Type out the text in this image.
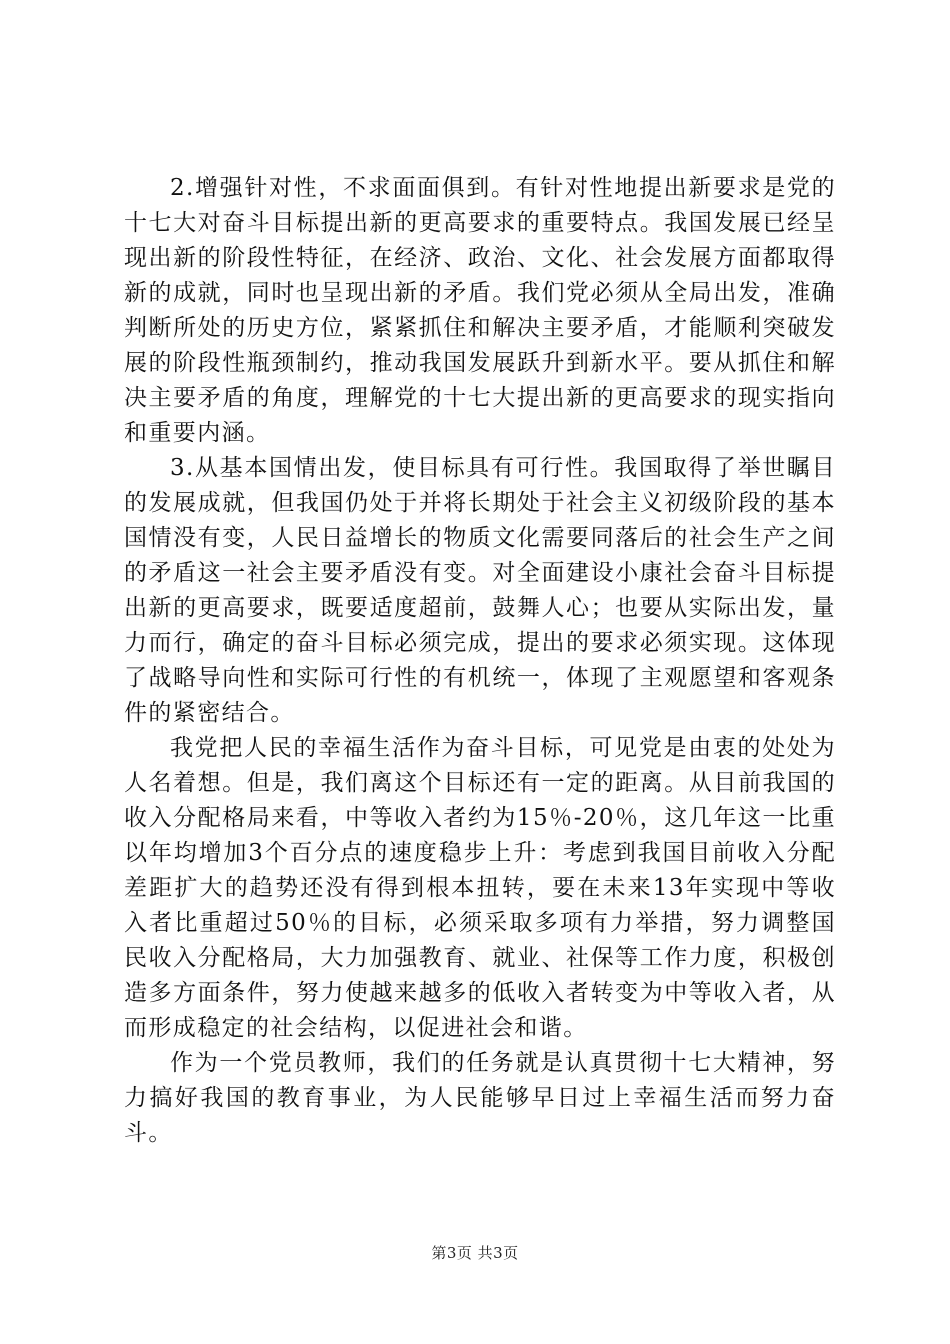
2.增强针对性，不求面面俱到。有针对性地提出新要求是党的十七大对奋斗目标提出新的更高要求的重要特点。我国发展已经呈现出新的阶段性特征，在经济、政治、文化、社会发展方面都取得新的成就，同时也呈现出新的矛盾。我们党必须从全局出发，准确判断所处的历史方位，紧紧抓住和解决主要矛盾，才能顺利突破发展的阶段性瓶颈制约，推动我国发展跃升到新水平。要从抓住和解决主要矛盾的角度，理解党的十七大提出新的更高要求的现实指向和重要内涵。

3.从基本国情出发，使目标具有可行性。我国取得了举世瞩目的发展成就，但我国仍处于并将长期处于社会主义初级阶段的基本国情没有变，人民日益增长的物质文化需要同落后的社会生产之间的矛盾这一社会主要矛盾没有变。对全面建设小康社会奋斗目标提出新的更高要求，既要适度超前，鼓舞人心；也要从实际出发，量力而行，确定的奋斗目标必须完成，提出的要求必须实现。这体现了战略导向性和实际可行性的有机统一，体现了主观愿望和客观条件的紧密结合。

我党把人民的幸福生活作为奋斗目标，可见党是由衷的处处为人名着想。但是，我们离这个目标还有一定的距离。从目前我国的收入分配格局来看，中等收入者约为15％-20％，这几年这一比重以年均增加3个百分点的速度稳步上升：考虑到我国目前收入分配差距扩大的趋势还没有得到根本扭转，要在未来13年实现中等收入者比重超过50％的目标，必须采取多项有力举措，努力调整国民收入分配格局，大力加强教育、就业、社保等工作力度，积极创造多方面条件，努力使越来越多的低收入者转变为中等收入者，从而形成稳定的社会结构，以促进社会和谐。

作为一个党员教师，我们的任务就是认真贯彻十七大精神，努力搞好我国的教育事业，为人民能够早日过上幸福生活而努力奋斗。

第3页 共3页
